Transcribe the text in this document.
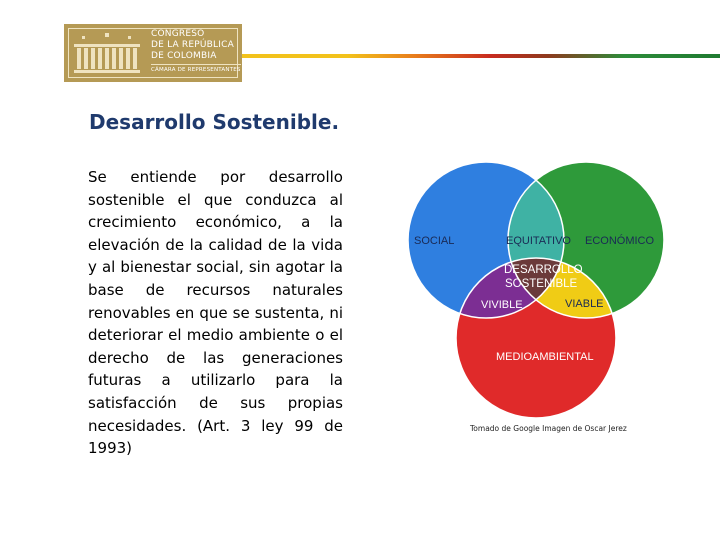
CONGRESO
DE LA REPÚBLICA
DE COLOMBIA
CÁMARA DE REPRESENTANTES
Desarrollo Sostenible.

Se entiende por desarrollo sostenible el que conduzca al crecimiento económico, a la elevación de la calidad de la vida y al bienestar social, sin agotar la base de recursos naturales renovables en que se sustenta, ni deteriorar el medio ambiente o el derecho de las generaciones futuras a utilizarlo para la satisfacción de sus propias necesidades. (Art. 3 ley 99 de 1993)

SOCIAL	EQUITATIVO ECONÓMICO
DESARROLLO
SOSTENIBLE
VIVIBLE	VIABLE
MEDIOAMBIENTAL

Tomado de Google Imagen de Oscar Jerez
